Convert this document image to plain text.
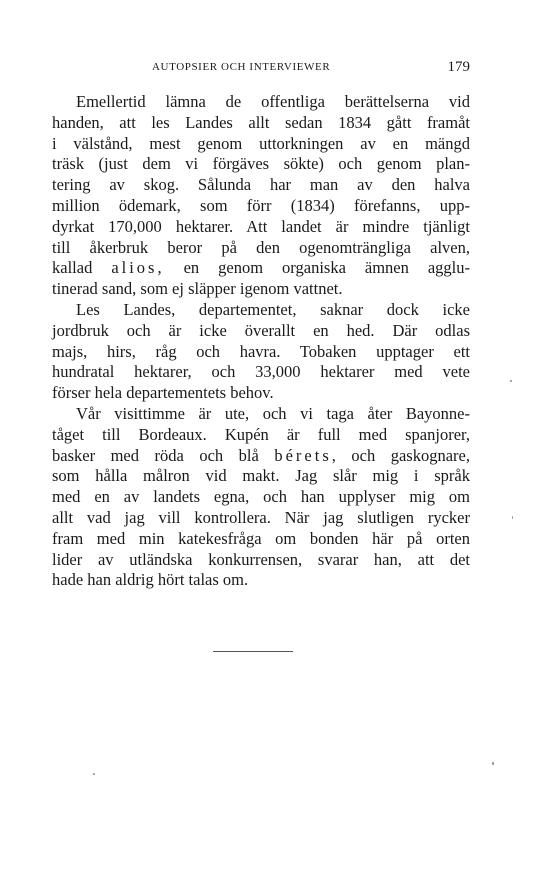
AUTOPSIER OCH INTERVIEWER	179
Emellertid lämna de offentliga berättelserna vid
handen, att les Landes allt sedan 1834 gått framåt
i välstånd, mest genom uttorkningen av en mängd
träsk (just dem vi förgäves sökte) och genom plan-
tering av skog. Sålunda har man av den halva
million ödemark, som förr (1834) förefanns, upp-
dyrkat 170,000 hektarer. Att landet är mindre tjänligt
till åkerbruk beror på den ogenomträngliga alven,
kallad alios, en genom organiska ämnen agglu-
tinerad sand, som ej släpper igenom vattnet.
Les Landes, departementet, saknar dock icke
jordbruk och är icke överallt en hed. Där odlas
majs, hirs, råg och havra. Tobaken upptager ett
hundratal hektarer, och 33,000 hektarer med vete
förser hela departementets behov.
Vår visittimme är ute, och vi taga åter Bayonne-
tåget till Bordeaux. Kupén är full med spanjorer,
basker med röda och blå bérets, och gaskognare,
som hålla målron vid makt. Jag slår mig i språk
med en av landets egna, och han upplyser mig om
allt vad jag vill kontrollera. När jag slutligen rycker
fram med min katekesfråga om bonden här på orten
lider av utländska konkurrensen, svarar han, att det
hade han aldrig hört talas om.
